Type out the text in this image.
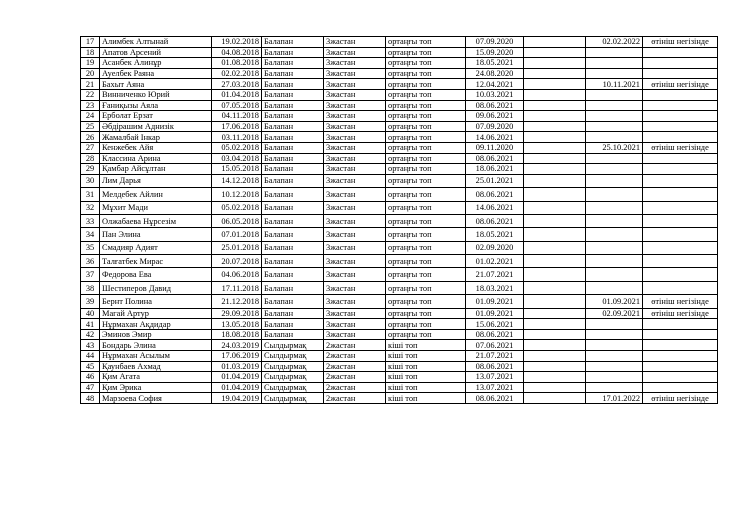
17	Алимбек Алтынай	19.02.2018	Балапан	3жастан	ортаңғы топ	07.09.2020		02.02.2022	өтініш негізінде
18	Апатов Арсений	04.08.2018	Балапан	3жастан	ортаңғы топ	15.09.2020			
19	Асанбек Алинұр	01.08.2018	Балапан	3жастан	ортаңғы топ	18.05.2021			
20	Ауелбек Раяна	02.02.2018	Балапан	3жастан	ортаңғы топ	24.08.2020			
21	Бахыт Аяна	27.03.2018	Балапан	3жастан	ортаңғы топ	12.04.2021		10.11.2021	өтініш негізінде
22	Винниченко Юрий	01.04.2018	Балапан	3жастан	ортаңғы топ	10.03.2021			
23	Ғаниқызы Аяла	07.05.2018	Балапан	3жастан	ортаңғы топ	08.06.2021			
24	Ерболат Ерзат	04.11.2018	Балапан	3жастан	ортаңғы топ	09.06.2021			
25	Әбдірашим Аднизік	17.06.2018	Балапан	3жастан	ортаңғы топ	07.09.2020			
26	Жамалбай Інкар	03.11.2018	Балапан	3жастан	ортаңғы топ	14.06.2021			
27	Кенжебек Айя	05.02.2018	Балапан	3жастан	ортаңғы топ	09.11.2020		25.10.2021	өтініш негізінде
28	Классина Арина	03.04.2018	Балапан	3жастан	ортаңғы топ	08.06.2021			
29	Қамбар Айсұлтан	15.05.2018	Балапан	3жастан	ортаңғы топ	18.06.2021			
30	Лим Дарья	14.12.2018	Балапан	3жастан	ортаңғы топ	25.01.2021			
31	Мелдебек Айлин	10.12.2018	Балапан	3жастан	ортаңғы топ	08.06.2021			
32	Мұхит Мади	05.02.2018	Балапан	3жастан	ортаңғы топ	14.06.2021			
33	Олжабаева Нұрсезім	06.05.2018	Балапан	3жастан	ортаңғы топ	08.06.2021			
34	Пан Элина	07.01.2018	Балапан	3жастан	ортаңғы топ	18.05.2021			
35	Смадияр Адият	25.01.2018	Балапан	3жастан	ортаңғы топ	02.09.2020			
36	Талғатбек Мирас	20.07.2018	Балапан	3жастан	ортаңғы топ	01.02.2021			
37	Федорова Ева	04.06.2018	Балапан	3жастан	ортаңғы топ	21.07.2021			
38	Шестиперов Давид	17.11.2018	Балапан	3жастан	ортаңғы топ	18.03.2021			
39	Бернт Полина	21.12.2018	Балапан	3жастан	ортаңғы топ	01.09.2021		01.09.2021	өтініш негізінде
40	Магай Артур	29.09.2018	Балапан	3жастан	ортаңғы топ	01.09.2021		02.09.2021	өтініш негізінде
41	Нұрмахан Ақдидар	13.05.2018	Балапан	3жастан	ортаңғы топ	15.06.2021			
42	Эминов Эмир	18.08.2018	Балапан	3жастан	ортаңғы топ	08.06.2021			
43	Бондарь Элина	24.03.2019	Сылдырмақ	2жастан	кіші топ	07.06.2021			
44	Нұрмахан Асылым	17.06.2019	Сылдырмақ	2жастан	кіші топ	21.07.2021			
45	Қаунбаев Ахмад	01.03.2019	Сылдырмақ	2жастан	кіші топ	08.06.2021			
46	Қим Агата	01.04.2019	Сылдырмақ	2жастан	кіші топ	13.07.2021			
47	Қим Эрика	01.04.2019	Сылдырмақ	2жастан	кіші топ	13.07.2021			
48	Марзоева София	19.04.2019	Сылдырмақ	2жастан	кіші топ	08.06.2021		17.01.2022	өтініш негізінде
